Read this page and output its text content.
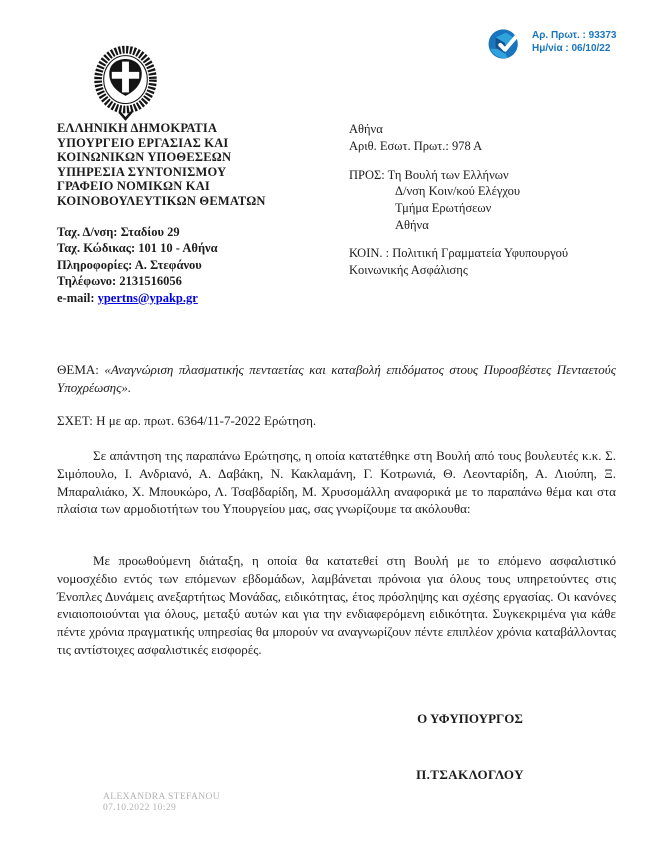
Αρ. Πρωτ. : 93373
Ημ/νία : 06/10/22
ΕΛΛΗΝΙΚΗ ΔΗΜΟΚΡΑΤΙΑ
ΥΠΟΥΡΓΕΙΟ ΕΡΓΑΣΙΑΣ ΚΑΙ
ΚΟΙΝΩΝΙΚΩΝ ΥΠΟΘΕΣΕΩΝ
ΥΠΗΡΕΣΙΑ ΣΥΝΤΟΝΙΣΜΟΥ
ΓΡΑΦΕΙΟ ΝΟΜΙΚΩΝ ΚΑΙ
ΚΟΙΝΟΒΟΥΛΕΥΤΙΚΩΝ ΘΕΜΑΤΩΝ
Ταχ. Δ/νση: Σταδίου 29
Ταχ. Κώδικας: 101 10 - Αθήνα
Πληροφορίες: Α. Στεφάνου
Τηλέφωνο: 2131516056
e-mail: ypertns@ypakp.gr
Αθήνα
Αριθ. Εσωτ. Πρωτ.: 978 Α
ΠΡΟΣ: Τη Βουλή των Ελλήνων
Δ/νση Κοιν/κού Ελέγχου
Τμήμα Ερωτήσεων
Αθήνα
ΚΟΙΝ. : Πολιτική Γραμματεία Υφυπουργού Κοινωνικής Ασφάλισης
ΘΕΜΑ: «Αναγνώριση πλασματικής πενταετίας και καταβολή επιδόματος στους Πυροσβέστες Πενταετούς Υποχρέωσης».
ΣΧΕΤ: Η με αρ. πρωτ. 6364/11-7-2022 Ερώτηση.
Σε απάντηση της παραπάνω Ερώτησης, η οποία κατατέθηκε στη Βουλή από τους βουλευτές κ.κ. Σ. Σιμόπουλο, Ι. Ανδριανό, Α. Δαβάκη, Ν. Κακλαμάνη, Γ. Κοτρωνιά, Θ. Λεονταρίδη, Α. Λιούπη, Ξ. Μπαραλιάκο, Χ. Μπουκώρο, Λ. Τσαβδαρίδη, Μ. Χρυσομάλλη αναφορικά με το παραπάνω θέμα και στα πλαίσια των αρμοδιοτήτων του Υπουργείου μας, σας γνωρίζουμε τα ακόλουθα:
Με προωθούμενη διάταξη, η οποία θα κατατεθεί στη Βουλή με το επόμενο ασφαλιστικό νομοσχέδιο εντός των επόμενων εβδομάδων, λαμβάνεται πρόνοια για όλους τους υπηρετούντες στις Ένοπλες Δυνάμεις ανεξαρτήτως Μονάδας, ειδικότητας, έτος πρόσληψης και σχέσης εργασίας. Οι κανόνες ενιαιοποιούνται για όλους, μεταξύ αυτών και για την ενδιαφερόμενη ειδικότητα. Συγκεκριμένα για κάθε πέντε χρόνια πραγματικής υπηρεσίας θα μπορούν να αναγνωρίζουν πέντε επιπλέον χρόνια καταβάλλοντας τις αντίστοιχες ασφαλιστικές εισφορές.
Ο ΥΦΥΠΟΥΡΓΟΣ
Π.ΤΣΑΚΛΟΓΛΟΥ
ALEXANDRA STEFANOU
07.10.2022 10:29
